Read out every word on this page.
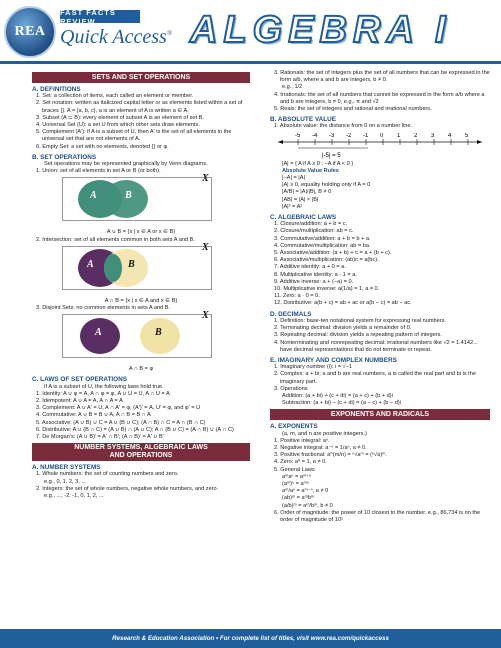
REA
FAST FACTS REVIEW
Quick Access® ALGEBRA I
SETS AND SET OPERATIONS
A. DEFINITIONS
1. Set: a collection of items, each called an element or member.
2. Set notation: written as italicized capital letter or as elements listed within a set of braces {}. A = {a, b, c}, a is an element of A is written a ∈ A.
3. Subset (A ⊂ B): every element of subset A is an element of set B.
4. Universal Set (U): a set U from which other sets draw elements.
5. Complement (A′): if A is a subset of U, then A′ is the set of all elements in the universal set that are not elements of A.
6. Empty Set: a set with no elements, denoted {} or φ.
B. SET OPERATIONS
Set operations may be represented graphically by Venn diagrams.
1. Union: set of all elements in set A or B (or both).
A	B
X
A ∪ B = {x | x ∈ A or x ∈ B}
2. Intersection: set of all elements common in both sets A and B.
A	B
X
A ∩ B = {x | x ∈ A and x ∈ B}
3. Disjoint Sets: no common elements in sets A and B.
A	B
X
A ∩ B = φ
C. LAWS OF SET OPERATIONS
If A is a subset of U, the following laws hold true.
1. Identity: A ∪ φ = A, A ∩ φ = φ, A ∪ U = U, A ∩ U = A
2. Idempotent: A ∪ A = A, A ∩ A = A
3. Complement: A ∪ A′ = U, A ∩ A′ = φ, (A′)′ = A, U′ = φ, and φ′ = U
4. Commutative: A ∪ B = B ∪ A, A ∩ B = B ∩ A
5. Associative: (A ∪ B) ∪ C = A ∪ (B ∪ C); (A ∩ B) ∩ C = A ∩ (B ∩ C)
6. Distributive: A ∪ (B ∩ C) = (A ∪ B) ∩ (A ∪ C); A ∩ (B ∪ C) = (A ∩ B) ∪ (A ∩ C)
7. De Morgan's: (A ∪ B)′ = A′ ∩ B′; (A ∩ B)′ = A′ ∪ B′
NUMBER SYSTEMS, ALGEBRAIC LAWS
AND OPERATIONS
A. NUMBER SYSTEMS
1. Whole numbers: the set of counting numbers and zero.
e.g., 0, 1, 2, 3, ...
2. Integers: the set of whole numbers, negative whole numbers, and zero.
e.g., ..., -2, -1, 0, 1, 2, ...
3. Rationals: the set of integers plus the set of all numbers that can be expressed in the form a/b, where a and b are integers, b ≠ 0.
e.g., 1/2
4. Irrationals: the set of all numbers that cannot be expressed in the form a/b where a and b are integers, b ≠ 0, e.g., π and √2
5. Reals: the set of integers and rational and irrational numbers.
B. ABSOLUTE VALUE
1. Absolute value: the distance from 0 on a number line.
-5 -4 -3 -2 -1 0 1 2 3 4 5
|-5| = 5
|A| = { A if A ≥ 0 ; −A if A < 0 }
Absolute Value Rules
|−A| = |A|
|A| ≥ 0, equality holding only if A = 0
|A/B| = |A|/|B|, B ≠ 0
|AB| = |A| × |B|
|A|² = A²
C. ALGEBRAIC LAWS
1. Closure/addition: a + b = c.
2. Closure/multiplication: ab = c.
3. Commutative/addition: a + b = b + a.
4. Commutative/multiplication: ab = ba.
5. Associative/addition: (a + b) + c = a + (b + c).
6. Associative/multiplication: (ab)c = a(bc).
7. Additive identity: a + 0 = a.
8. Multiplicative identity: a · 1 = a.
9. Additive inverse: a + (−a) = 0.
10. Multiplicative inverse: a(1/a) = 1, a ≠ 0.
11. Zero: a · 0 = 0.
12. Distributive: a(b + c) = ab + ac or a(b − c) = ab − ac.
D. DECIMALS
1. Definition: base-ten notational system for expressing real numbers.
2. Terminating decimal: division yields a remainder of 0.
3. Repeating decimal: division yields a repeating pattern of integers.
4. Nonterminating and nonrepeating decimal: irrational numbers like √2 = 1.4142... have decimal representations that do not terminate or repeat.
E. IMAGINARY AND COMPLEX NUMBERS
1. Imaginary number (i): i = √−1
2. Complex: a + bi; a and b are real numbers, a is called the real part and bi is the imaginary part.
3. Operations
Addition: (a + bi) + (c + di) = (a + c) + (b + d)i
Subtraction: (a + bi) − (c + di) = (a − c) + (b − d)i
EXPONENTS AND RADICALS
A. EXPONENTS
(a, m, and n are positive integers.)
1. Positive integral: aⁿ.
2. Negative integral: a⁻ⁿ = 1/aⁿ, a ≠ 0.
3. Positive fractional: a^(m/n) = ⁿ√aᵐ = (ⁿ√a)ᵐ.
4. Zero: a⁰ = 1, a ≠ 0.
5. General Laws
aᵐaⁿ = aᵐ⁺ⁿ
(aᵐ)ⁿ = aᵐⁿ
aᵐ/aⁿ = aᵐ⁻ⁿ, a ≠ 0
(ab)ᵐ = aᵐbᵐ
(a/b)ᵐ = aᵐ/bᵐ, b ≠ 0
6. Order of magnitude: the power of 10 closest to the number. e.g., 86,734 is on the order of magnitude of 10⁵
Research & Education Association • For complete list of titles, visit www.rea.com/quickaccess
